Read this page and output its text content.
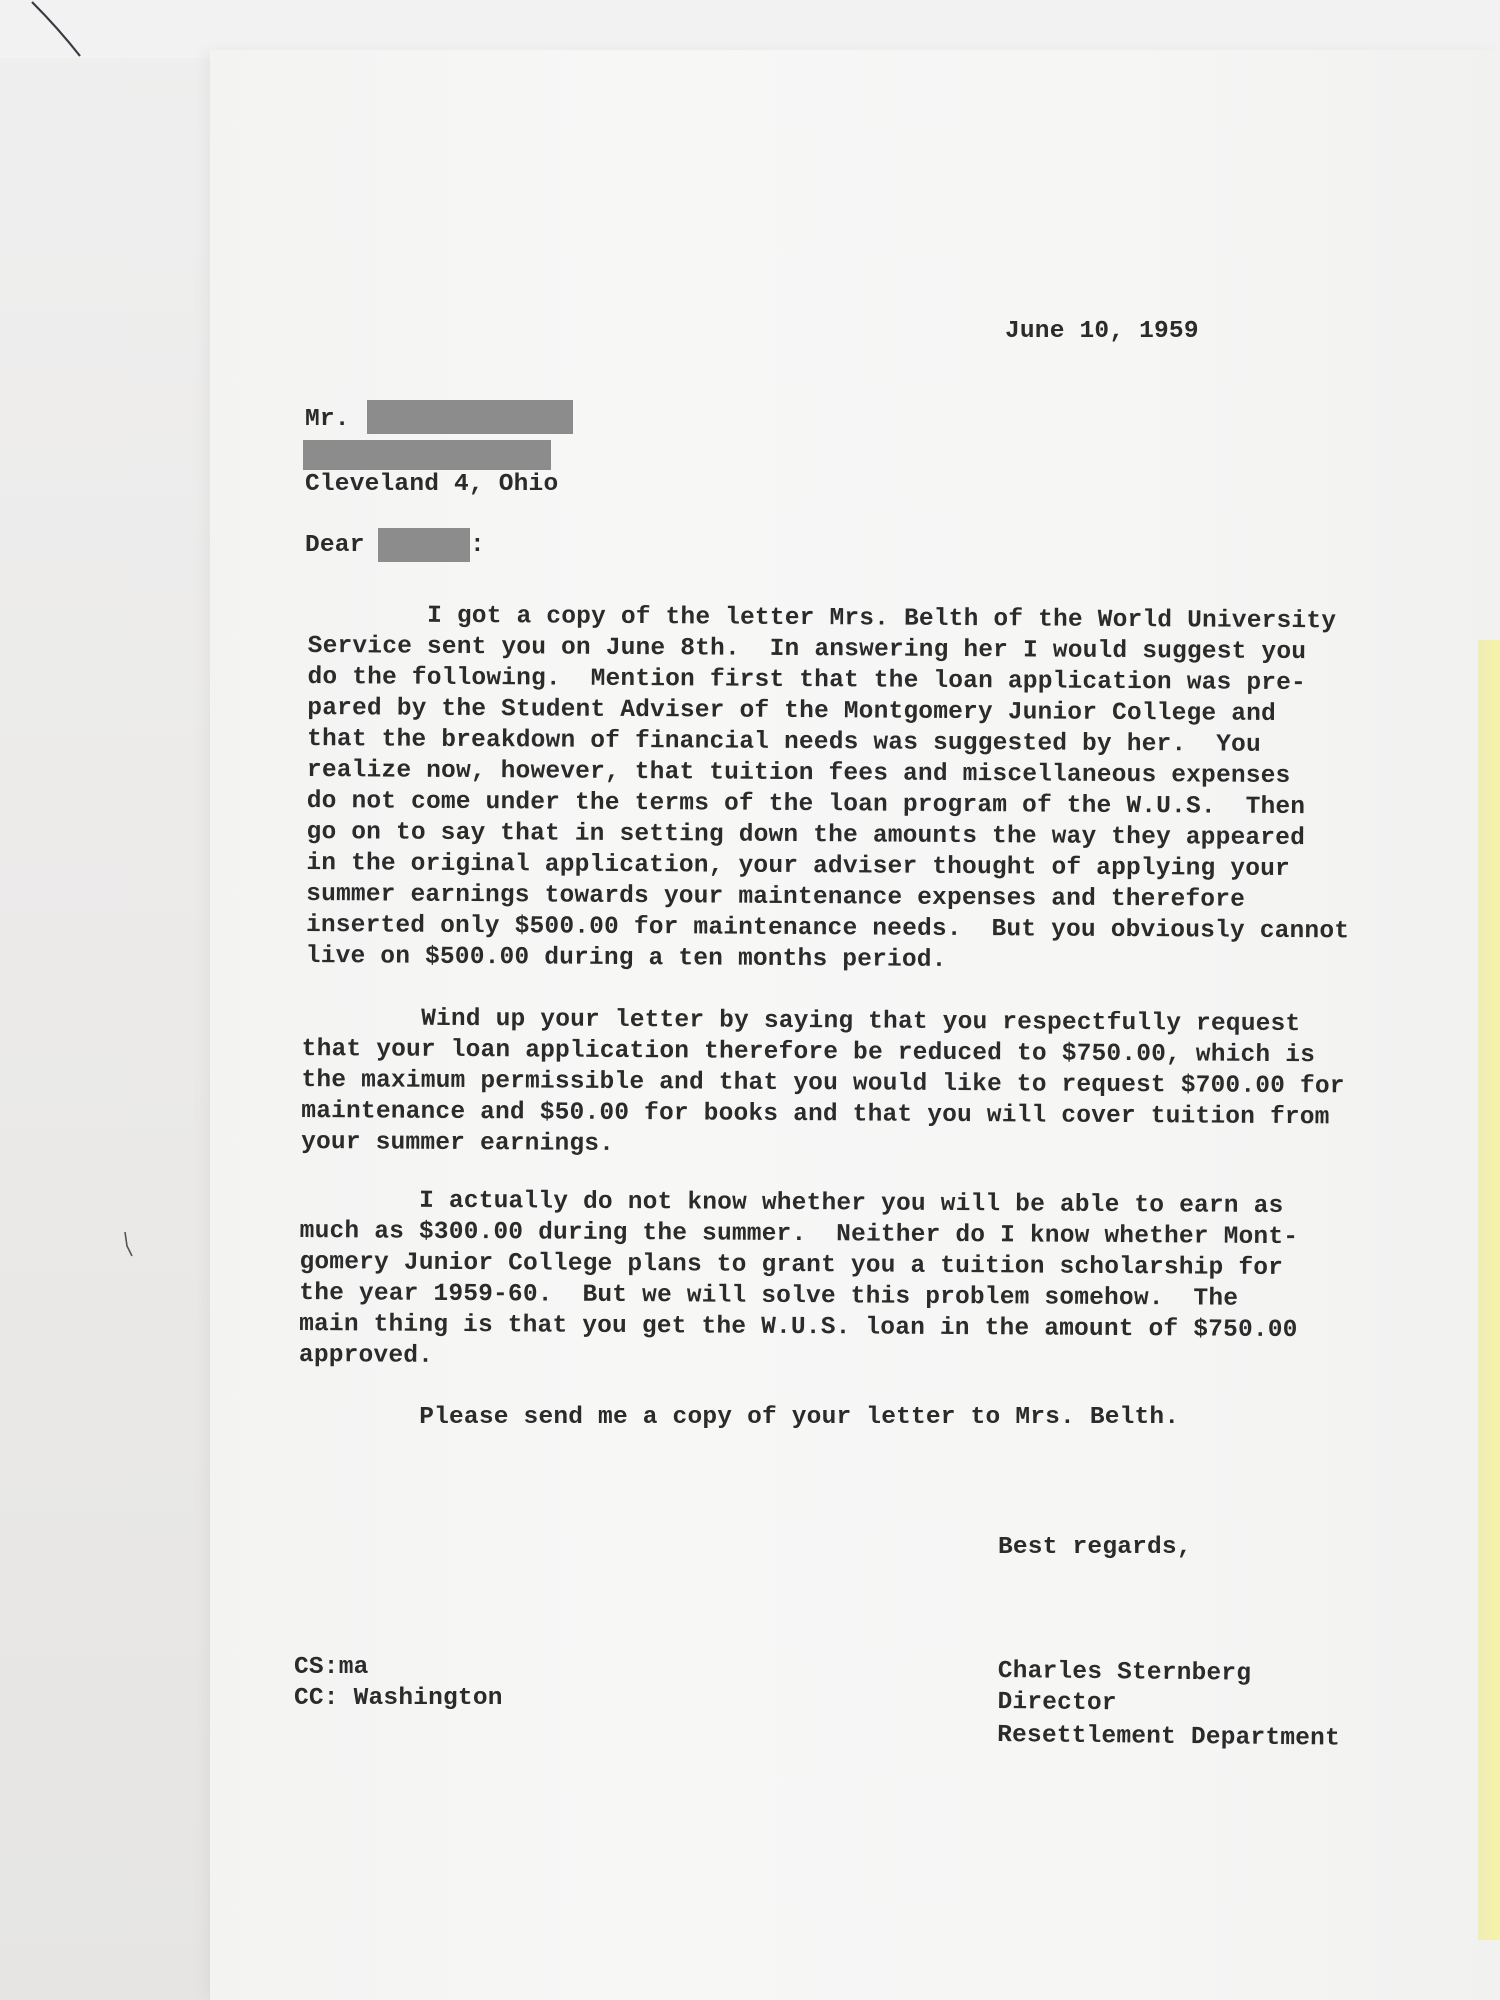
June 10, 1959
Mr.
Cleveland 4, Ohio
Dear	:

I got a copy of the letter Mrs. Belth of the World University

Service sent you on June 8th.  In answering her I would suggest you

do the following.  Mention first that the loan application was pre-

pared by the Student Adviser of the Montgomery Junior College and

that the breakdown of financial needs was suggested by her.  You

realize now, however, that tuition fees and miscellaneous expenses

do not come under the terms of the loan program of the W.U.S.  Then

go on to say that in setting down the amounts the way they appeared

in the original application, your adviser thought of applying your

summer earnings towards your maintenance expenses and therefore

inserted only $500.00 for maintenance needs.  But you obviously cannot

live on $500.00 during a ten months period.

Wind up your letter by saying that you respectfully request

that your loan application therefore be reduced to $750.00, which is

the maximum permissible and that you would like to request $700.00 for

maintenance and $50.00 for books and that you will cover tuition from

your summer earnings.

I actually do not know whether you will be able to earn as

much as $300.00 during the summer.  Neither do I know whether Mont-

gomery Junior College plans to grant you a tuition scholarship for

the year 1959-60.  But we will solve this problem somehow.  The

main thing is that you get the W.U.S. loan in the amount of $750.00

approved.

Please send me a copy of your letter to Mrs. Belth.

Best regards,

CS:ma

CC: Washington

Charles Sternberg

Director

Resettlement Department
